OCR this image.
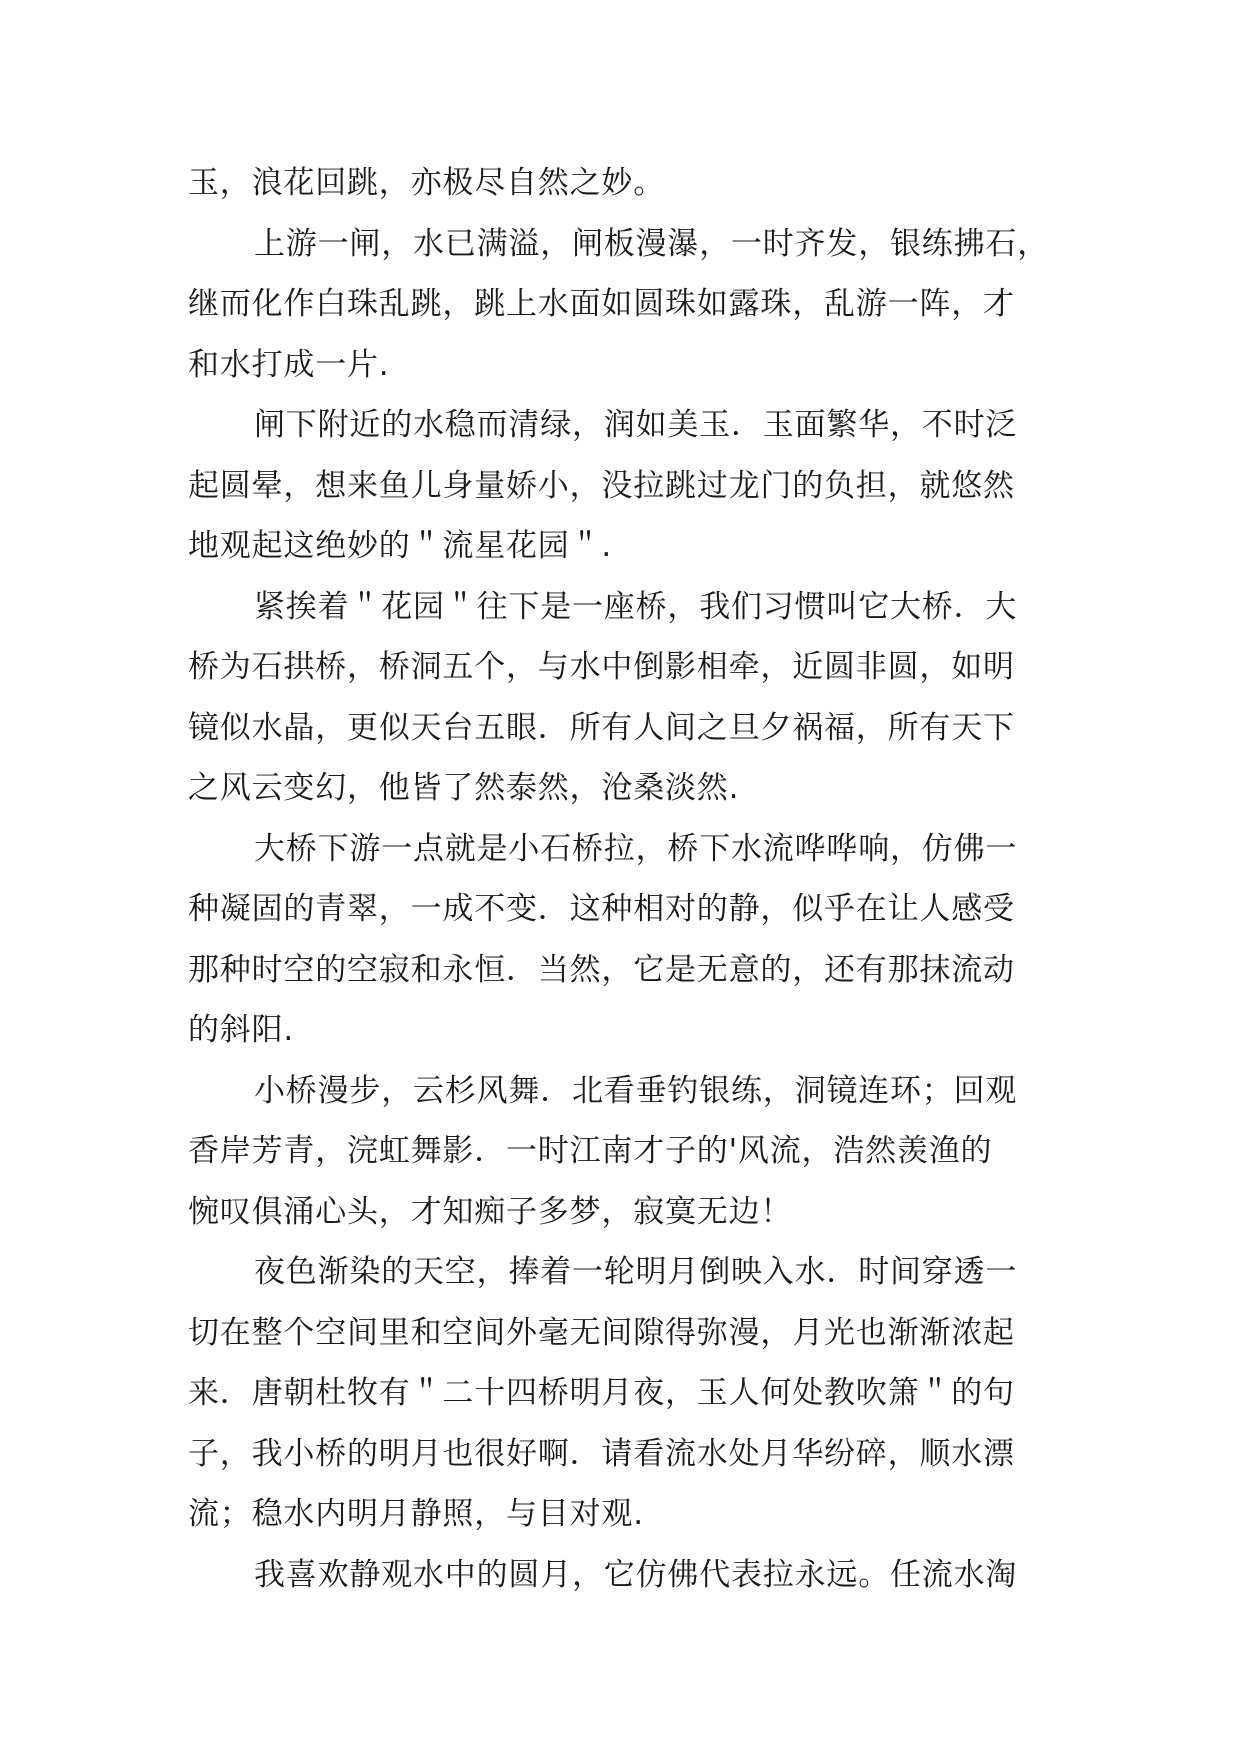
玉，浪花回跳，亦极尽自然之妙。
上游一闸，水已满溢，闸板漫瀑，一时齐发，银练拂石，
继而化作白珠乱跳，跳上水面如圆珠如露珠，乱游一阵，才
和水打成一片.
闸下附近的水稳而清绿，润如美玉．玉面繁华，不时泛
起圆晕，想来鱼儿身量娇小，没拉跳过龙门的负担，就悠然
地观起这绝妙的＂流星花园＂.
紧挨着＂花园＂往下是一座桥，我们习惯叫它大桥．大
桥为石拱桥，桥洞五个，与水中倒影相牵，近圆非圆，如明
镜似水晶，更似天台五眼．所有人间之旦夕祸福，所有天下
之风云变幻，他皆了然泰然，沧桑淡然.
大桥下游一点就是小石桥拉，桥下水流哗哗响，仿佛一
种凝固的青翠，一成不变．这种相对的静，似乎在让人感受
那种时空的空寂和永恒．当然，它是无意的，还有那抹流动
的斜阳.
小桥漫步，云杉风舞．北看垂钓银练，洞镜连环；回观
香岸芳青，浣虹舞影．一时江南才子的'风流，浩然羡渔的
惋叹俱涌心头，才知痴子多梦，寂寞无边！
夜色渐染的天空，捧着一轮明月倒映入水．时间穿透一
切在整个空间里和空间外毫无间隙得弥漫，月光也渐渐浓起
来．唐朝杜牧有＂二十四桥明月夜，玉人何处教吹箫＂的句
子，我小桥的明月也很好啊．请看流水处月华纷碎，顺水漂
流；稳水内明月静照，与目对观.
我喜欢静观水中的圆月，它仿佛代表拉永远。任流水淘
